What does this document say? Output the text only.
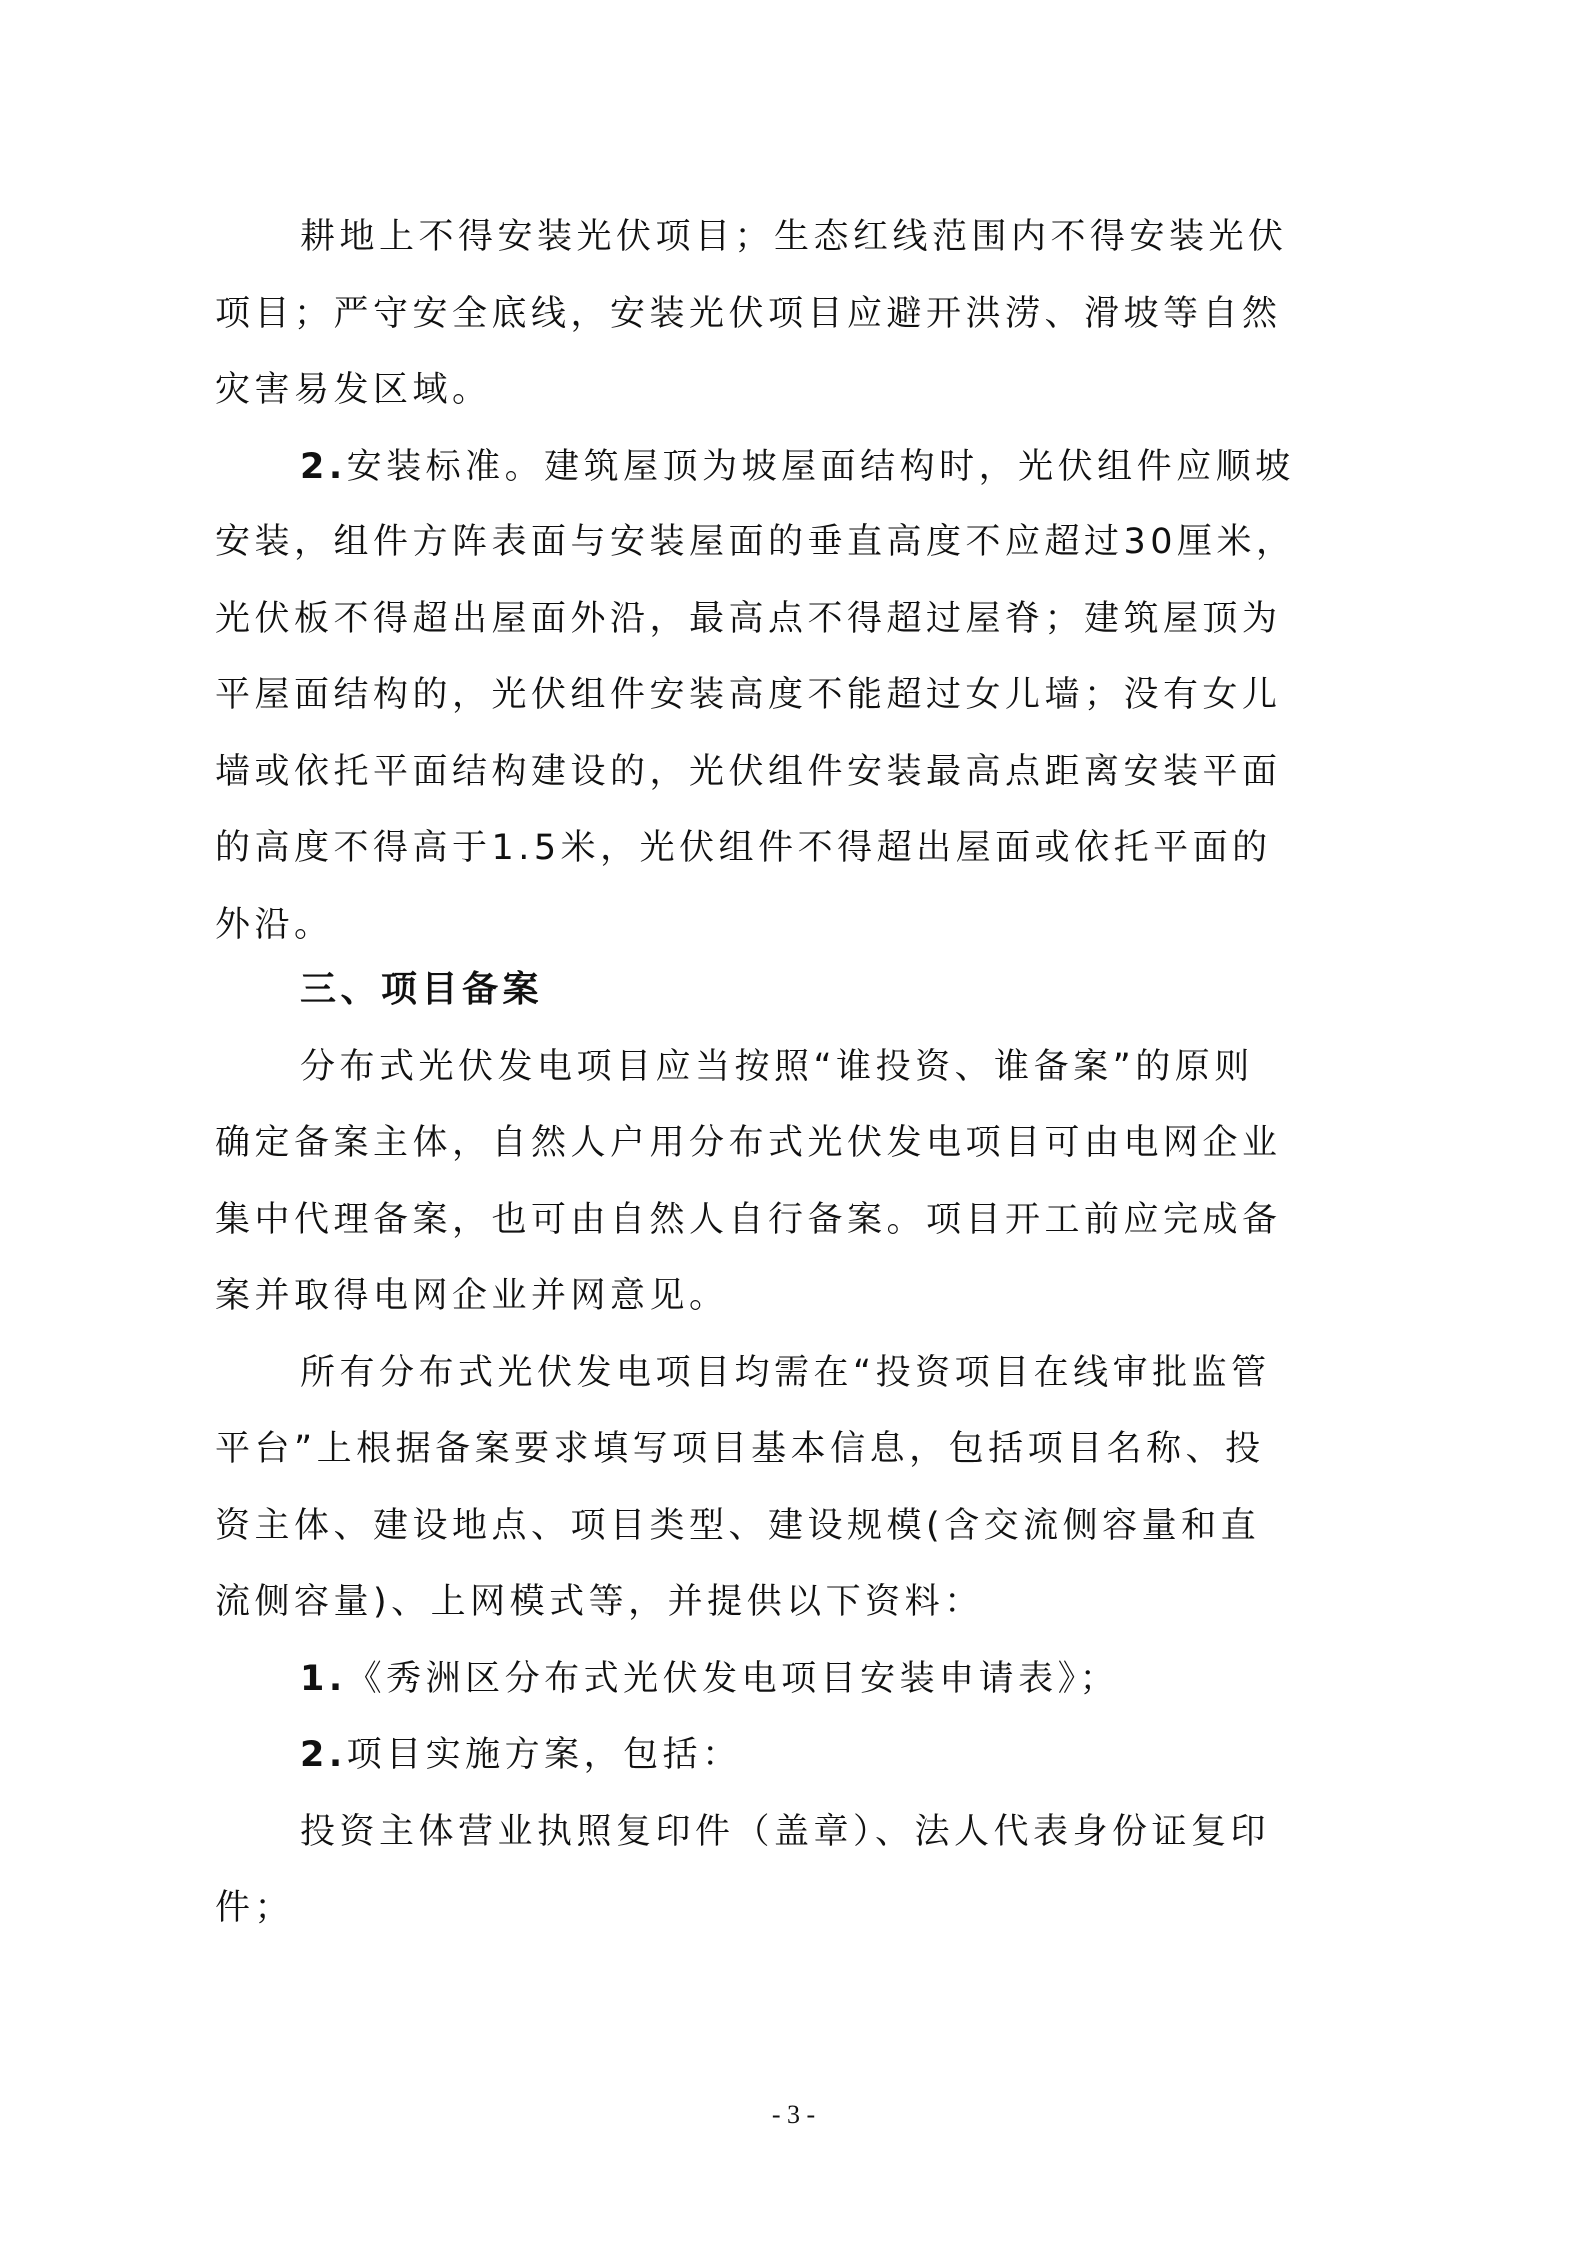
耕地上不得安装光伏项目；生态红线范围内不得安装光伏
项目；严守安全底线，安装光伏项目应避开洪涝、滑坡等自然
灾害易发区域。
2.安装标准。建筑屋顶为坡屋面结构时，光伏组件应顺坡
安装，组件方阵表面与安装屋面的垂直高度不应超过30厘米，
光伏板不得超出屋面外沿，最高点不得超过屋脊；建筑屋顶为
平屋面结构的，光伏组件安装高度不能超过女儿墙；没有女儿
墙或依托平面结构建设的，光伏组件安装最高点距离安装平面
的高度不得高于1.5米，光伏组件不得超出屋面或依托平面的
外沿。
三、项目备案
分布式光伏发电项目应当按照“谁投资、谁备案”的原则
确定备案主体，自然人户用分布式光伏发电项目可由电网企业
集中代理备案，也可由自然人自行备案。项目开工前应完成备
案并取得电网企业并网意见。
所有分布式光伏发电项目均需在“投资项目在线审批监管
平台”上根据备案要求填写项目基本信息，包括项目名称、投
资主体、建设地点、项目类型、建设规模(含交流侧容量和直
流侧容量)、上网模式等，并提供以下资料：
1.《秀洲区分布式光伏发电项目安装申请表》；
2.项目实施方案，包括：
投资主体营业执照复印件（盖章）、法人代表身份证复印
件；
- 3 -
